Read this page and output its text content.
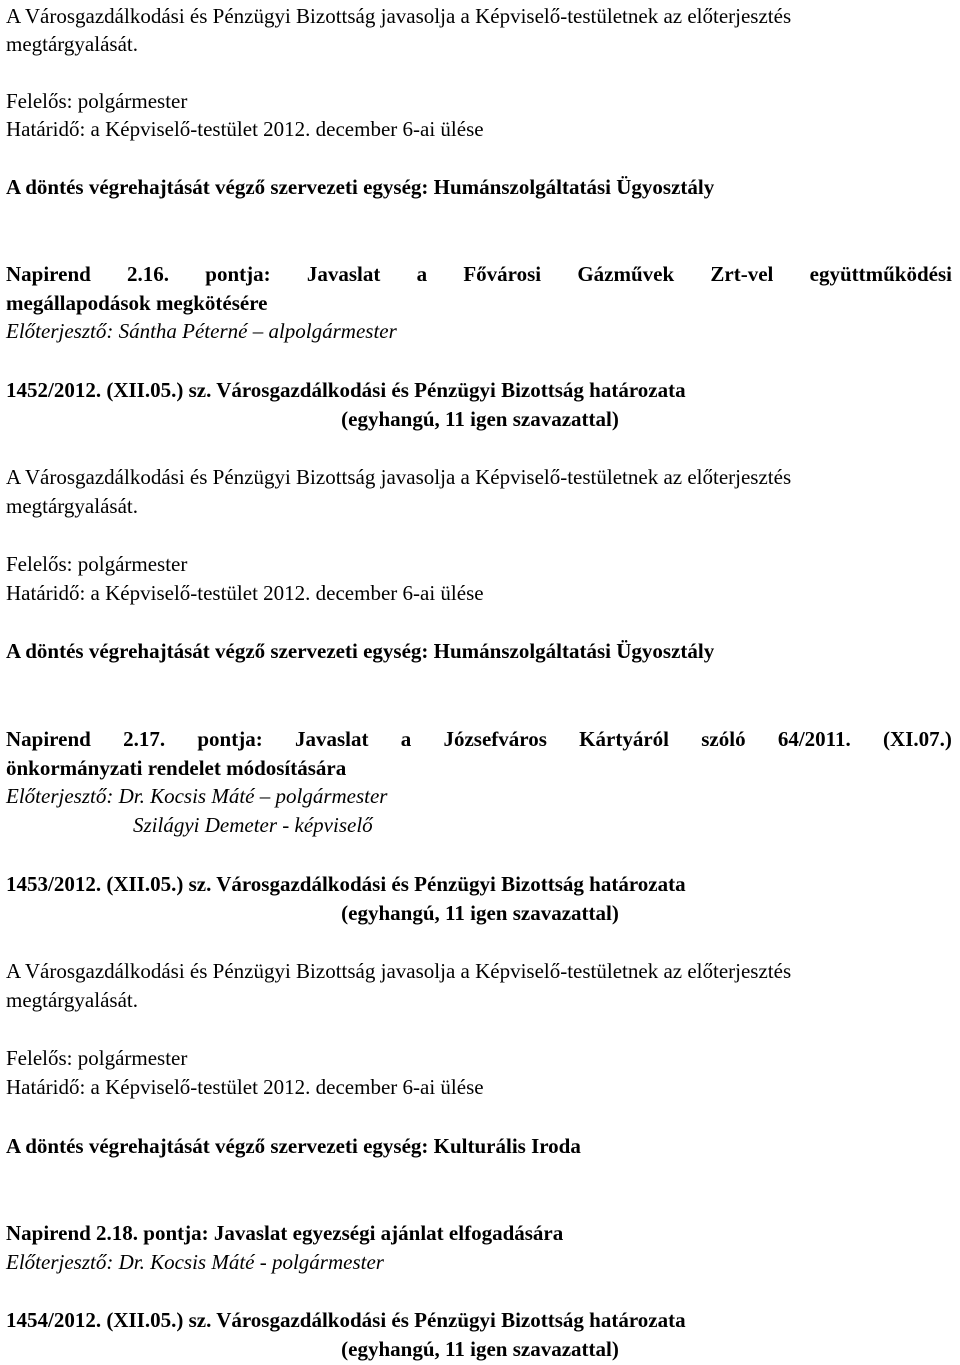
A Városgazdálkodási és Pénzügyi Bizottság javasolja a Képviselő-testületnek az előterjesztés
megtárgyalását.
Felelős: polgármester
Határidő: a Képviselő-testület 2012. december 6-ai ülése
A döntés végrehajtását végző szervezeti egység: Humánszolgáltatási Ügyosztály
Napirend 2.16. pontja: Javaslat a Fővárosi Gázművek Zrt-vel együttműködési
megállapodások megkötésére
Előterjesztő: Sántha Péterné – alpolgármester
1452/2012. (XII.05.) sz. Városgazdálkodási és Pénzügyi Bizottság határozata
(egyhangú, 11 igen szavazattal)
A Városgazdálkodási és Pénzügyi Bizottság javasolja a Képviselő-testületnek az előterjesztés
megtárgyalását.
Felelős: polgármester
Határidő: a Képviselő-testület 2012. december 6-ai ülése
A döntés végrehajtását végző szervezeti egység: Humánszolgáltatási Ügyosztály
Napirend 2.17. pontja: Javaslat a Józsefváros Kártyáról szóló 64/2011. (XI.07.)
önkormányzati rendelet módosítására
Előterjesztő: Dr. Kocsis Máté – polgármester
Szilágyi Demeter - képviselő
1453/2012. (XII.05.) sz. Városgazdálkodási és Pénzügyi Bizottság határozata
(egyhangú, 11 igen szavazattal)
A Városgazdálkodási és Pénzügyi Bizottság javasolja a Képviselő-testületnek az előterjesztés
megtárgyalását.
Felelős: polgármester
Határidő: a Képviselő-testület 2012. december 6-ai ülése
A döntés végrehajtását végző szervezeti egység: Kulturális Iroda
Napirend 2.18. pontja: Javaslat egyezségi ajánlat elfogadására
Előterjesztő: Dr. Kocsis Máté - polgármester
1454/2012. (XII.05.) sz. Városgazdálkodási és Pénzügyi Bizottság határozata
(egyhangú, 11 igen szavazattal)
